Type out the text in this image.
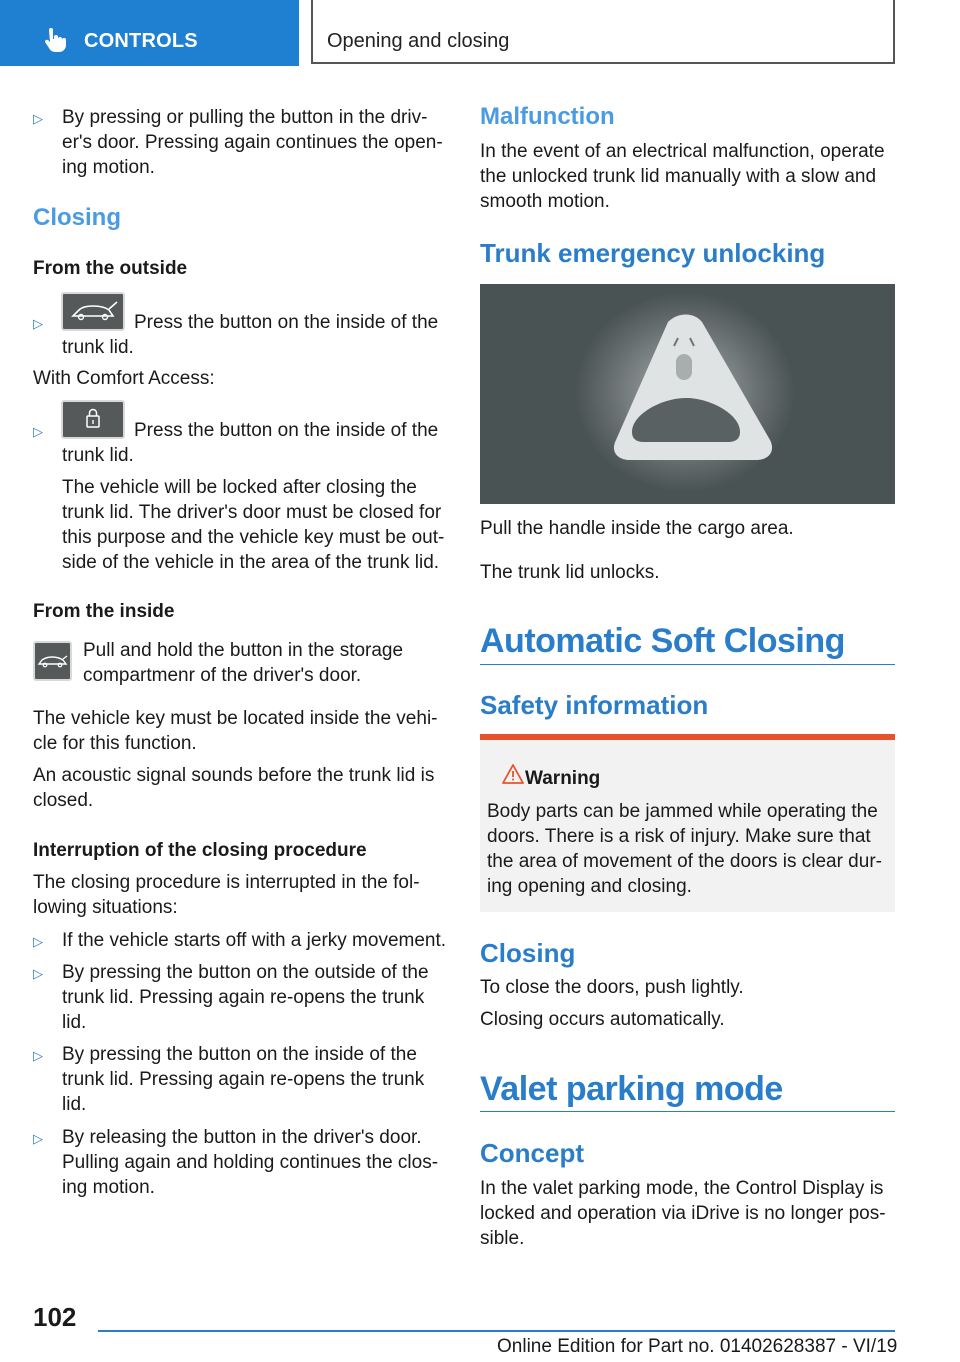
CONTROLS	Opening and closing
▷ By pressing or pulling the button in the driv-

er's door. Pressing again continues the open-

ing motion.

Closing
From the outside
▷	Press the button on the inside of the

trunk lid.

With Comfort Access:

▷	Press the button on the inside of the

trunk lid.

The vehicle will be locked after closing the

trunk lid. The driver's door must be closed for

this purpose and the vehicle key must be out-

side of the vehicle in the area of the trunk lid.

From the inside

Pull and hold the button in the storage

compartmenr of the driver's door.

The vehicle key must be located inside the vehi-

cle for this function.

An acoustic signal sounds before the trunk lid is

closed.

Interruption of the closing procedure

The closing procedure is interrupted in the fol-

lowing situations:

▷ If the vehicle starts off with a jerky movement.

▷ By pressing the button on the outside of the

trunk lid. Pressing again re-opens the trunk

lid.

▷ By pressing the button on the inside of the

trunk lid. Pressing again re-opens the trunk

lid.

▷ By releasing the button in the driver's door.

Pulling again and holding continues the clos-

ing motion.

Malfunction

In the event of an electrical malfunction, operate

the unlocked trunk lid manually with a slow and

smooth motion.

Trunk emergency unlocking

Pull the handle inside the cargo area.

The trunk lid unlocks.

Automatic Soft Closing
Safety information
Warning

Body parts can be jammed while operating the

doors. There is a risk of injury. Make sure that

the area of movement of the doors is clear dur-

ing opening and closing.

Closing

To close the doors, push lightly.

Closing occurs automatically.

Valet parking mode
Concept

In the valet parking mode, the Control Display is

locked and operation via iDrive is no longer pos-

sible.

102
Online Edition for Part no. 01402628387 - VI/19
